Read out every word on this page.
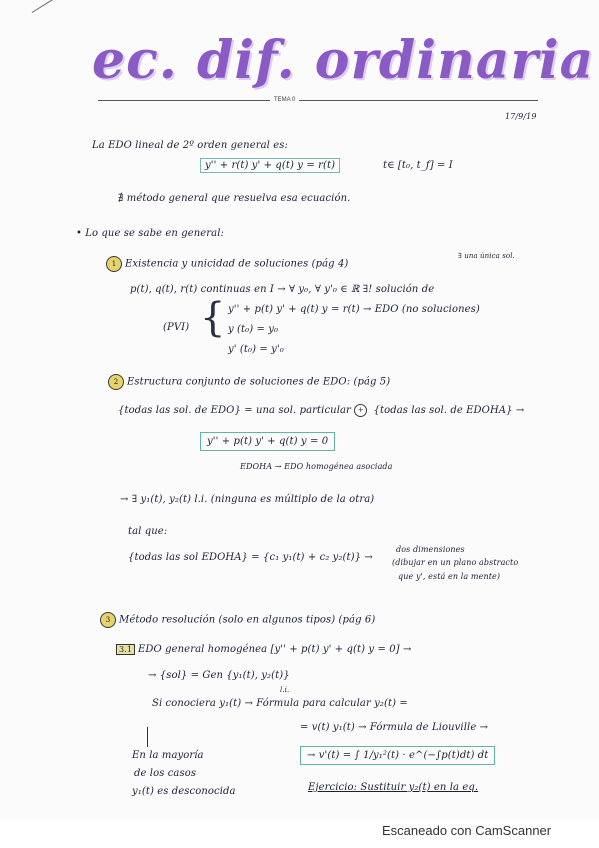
ec. dif. ordinaria
TEMA 0
17/9/19
La EDO lineal de 2º orden general es:
y'' + r(t) y' + q(t) y = r(t)	t∈ [t₀, t_f] = I
∄ método general que resuelva esa ecuación.
• Lo que se sabe en general:
1 Existencia y unicidad de soluciones (pág 4)
∃ una única sol.
p(t), q(t), r(t) continuas en I → ∀ y₀, ∀ y'₀ ∈ ℝ ∃! solución de
(PVI) { y'' + p(t) y' + q(t) y = r(t) → EDO (no soluciones)
y (t₀) = y₀
y' (t₀) = y'₀
2 Estructura conjunto de soluciones de EDO: (pág 5)
{todas las sol. de EDO} = una sol. particular + {todas las sol. de EDOHA} →
y'' + p(t) y' + q(t) y = 0
EDOHA → EDO homogénea asociada
→ ∃ y₁(t), y₂(t) l.i. (ninguna es múltiplo de la otra)
tal que:
{todas las sol EDOHA} = {c₁ y₁(t) + c₂ y₂(t)} →
dos dimensiones
(dibujar en un plano abstracto
que y', está en la mente)
3 Método resolución (solo en algunos tipos) (pág 6)
3.1 EDO general homogénea [y'' + p(t) y' + q(t) y = 0] →
→ {sol} = Gen {y₁(t), y₂(t)}
l.i.
Si conociera y₁(t) → Fórmula para calcular y₂(t) =
= v(t) y₁(t) → Fórmula de Liouville →
→ v'(t) = ∫ 1/y₁²(t) · e^(−∫p(t)dt) dt
En la mayoría
de los casos
y₁(t) es desconocida	Ejercicio: Sustituir y₂(t) en la eq.
Escaneado con CamScanner
